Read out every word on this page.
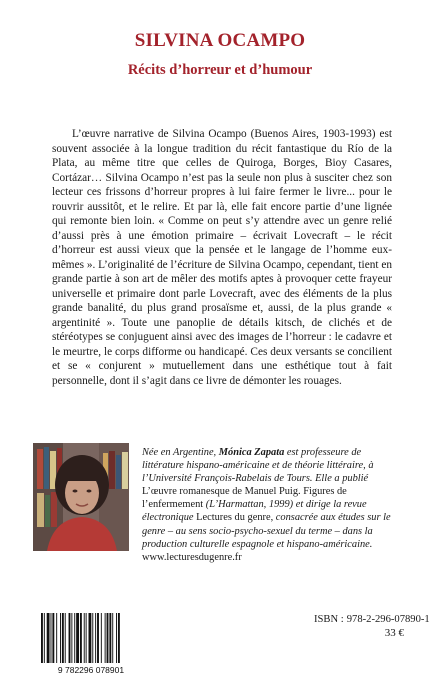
SILVINA OCAMPO
Récits d’horreur et d’humour

L’œuvre narrative de Silvina Ocampo (Buenos Aires, 1903-1993) est souvent associée à la longue tradition du récit fantastique du Río de la Plata, au même titre que celles de Quiroga, Borges, Bioy Casares, Cortázar… Silvina Ocampo n’est pas la seule non plus à susciter chez son lecteur ces frissons d’horreur propres à lui faire fermer le livre... pour le rouvrir aussitôt, et le relire. Et par là, elle fait encore partie d’une lignée qui remonte bien loin. « Comme on peut s’y attendre avec un genre relié d’aussi près à une émotion primaire – écrivait Lovecraft – le récit d’horreur est aussi vieux que la pensée et le langage de l’homme eux-mêmes ». L’originalité de l’écriture de Silvina Ocampo, cependant, tient en grande partie à son art de mêler des motifs aptes à provoquer cette frayeur universelle et primaire dont parle Lovecraft, avec des éléments de la plus grande banalité, du plus grand prosaïsme et, aussi, de la plus grande « argentinité ». Toute une panoplie de détails kitsch, de clichés et de stéréotypes se conjuguent ainsi avec des images de l’horreur : le cadavre et le meurtre, le corps difforme ou handicapé. Ces deux versants se concilient et se « conjurent » mutuellement dans une esthétique tout à fait personnelle, dont il s’agit dans ce livre de démonter les rouages.

Née en Argentine, Mónica Zapata est professeure de littérature hispano-américaine et de théorie littéraire, à l’Université François-Rabelais de Tours. Elle a publié L’œuvre romanesque de Manuel Puig. Figures de l’enfermement (L’Harmattan, 1999) et dirige la revue électronique Lectures du genre, consacrée aux études sur le genre – au sens socio-psycho-sexuel du terme – dans la production culturelle espagnole et hispano-américaine. www.lecturesdugenre.fr

9 782296 078901
ISBN : 978-2-296-07890-1
33 €
